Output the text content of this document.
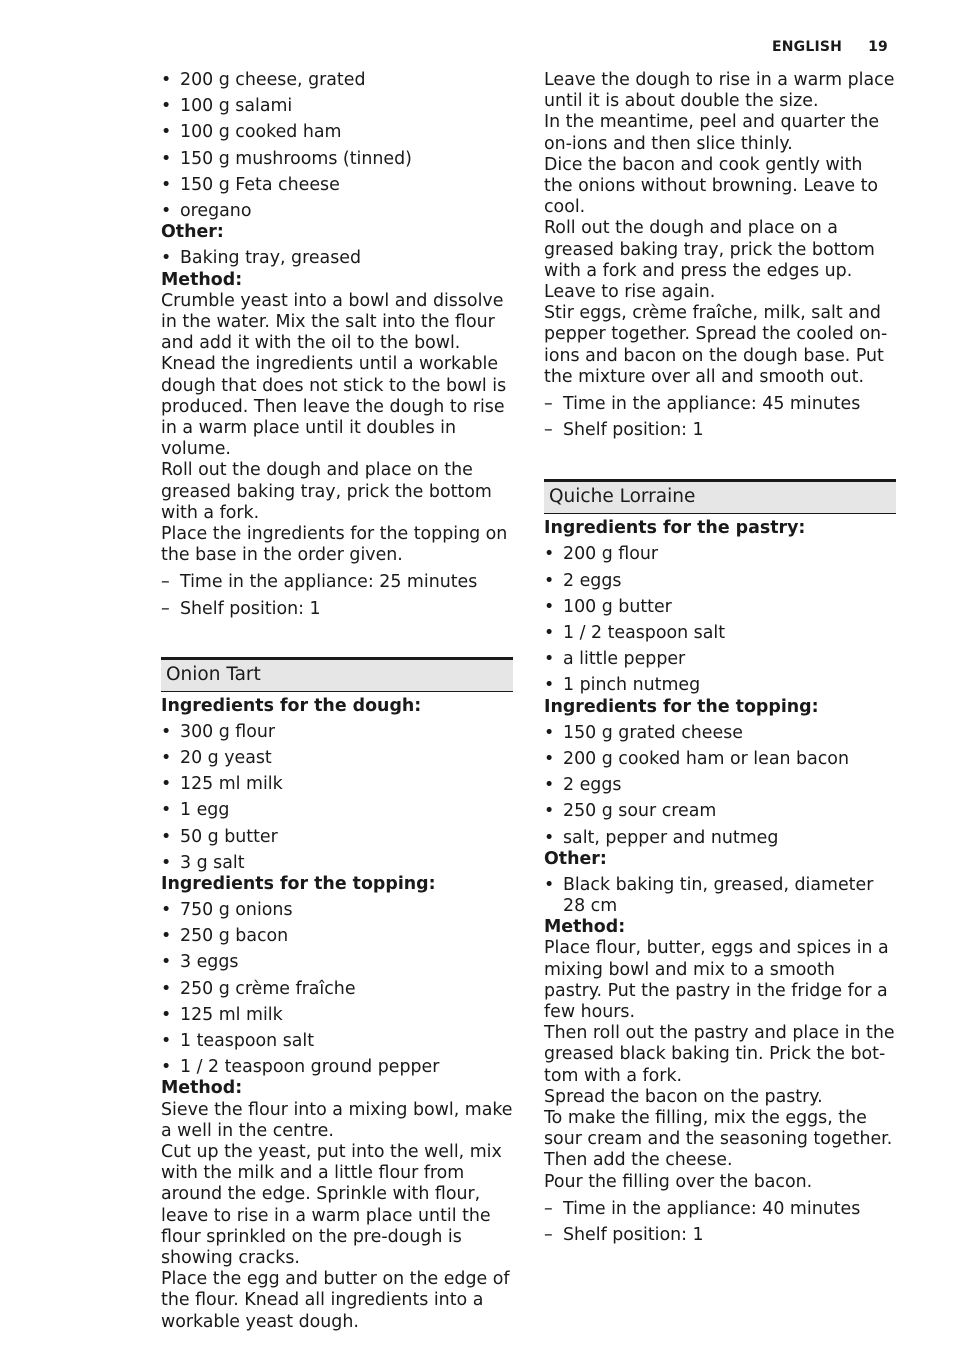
ENGLISH 19
• 200 g cheese, grated
• 100 g salami
• 100 g cooked ham
• 150 g mushrooms (tinned)
• 150 g Feta cheese
• oregano

Other:

• Baking tray, greased

Method:

Crumble yeast into a bowl and dissolve in the water. Mix the salt into the flour and add it with the oil to the bowl.

Knead the ingredients until a workable dough that does not stick to the bowl is produced. Then leave the dough to rise in a warm place until it doubles in volume.

Roll out the dough and place on the greased baking tray, prick the bottom with a fork.

Place the ingredients for the topping on the base in the order given.

– Time in the appliance: 25 minutes
– Shelf position: 1
Onion Tart

Ingredients for the dough:

• 300 g flour
• 20 g yeast
• 125 ml milk
• 1 egg
• 50 g butter
• 3 g salt

Ingredients for the topping:

• 750 g onions
• 250 g bacon
• 3 eggs
• 250 g crème fraîche
• 125 ml milk
• 1 teaspoon salt
• 1 / 2 teaspoon ground pepper

Method:

Sieve the flour into a mixing bowl, make a well in the centre.

Cut up the yeast, put into the well, mix with the milk and a little flour from around the edge. Sprinkle with flour, leave to rise in a warm place until the flour sprinkled on the pre-dough is showing cracks.

Place the egg and butter on the edge of the flour. Knead all ingredients into a workable yeast dough.

Leave the dough to rise in a warm place until it is about double the size.

In the meantime, peel and quarter the on-ions and then slice thinly.

Dice the bacon and cook gently with the onions without browning. Leave to cool.

Roll out the dough and place on a greased baking tray, prick the bottom with a fork and press the edges up. Leave to rise again.

Stir eggs, crème fraîche, milk, salt and pepper together. Spread the cooled on-ions and bacon on the dough base. Put the mixture over all and smooth out.

– Time in the appliance: 45 minutes
– Shelf position: 1
Quiche Lorraine

Ingredients for the pastry:

• 200 g flour
• 2 eggs
• 100 g butter
• 1 / 2 teaspoon salt
• a little pepper
• 1 pinch nutmeg

Ingredients for the topping:

• 150 g grated cheese
• 200 g cooked ham or lean bacon
• 2 eggs
• 250 g sour cream
• salt, pepper and nutmeg

Other:

• Black baking tin, greased, diameter 28 cm

Method:

Place flour, butter, eggs and spices in a mixing bowl and mix to a smooth pastry. Put the pastry in the fridge for a few hours.

Then roll out the pastry and place in the greased black baking tin. Prick the bot-tom with a fork.

Spread the bacon on the pastry.

To make the filling, mix the eggs, the sour cream and the seasoning together. Then add the cheese.

Pour the filling over the bacon.

– Time in the appliance: 40 minutes
– Shelf position: 1
